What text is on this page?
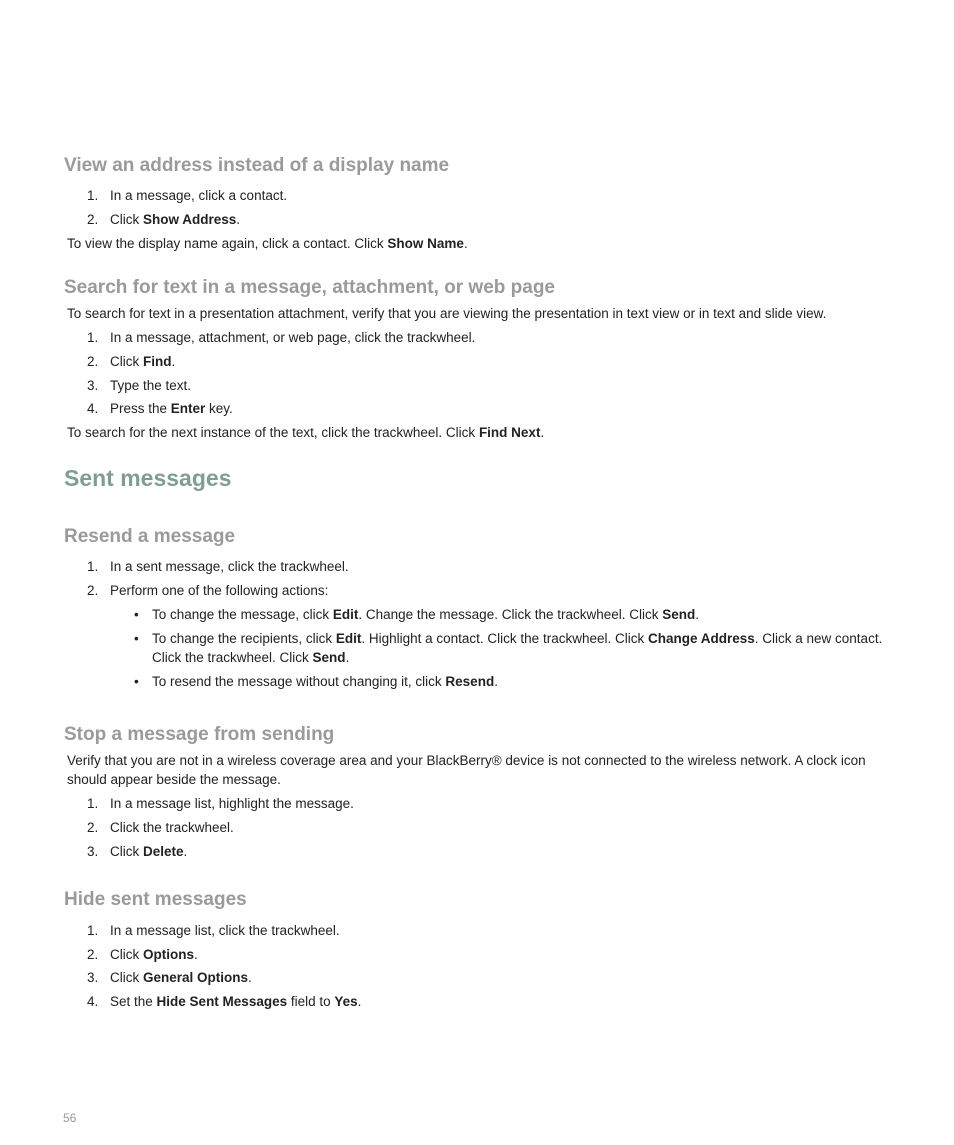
View an address instead of a display name
1. In a message, click a contact.
2. Click Show Address.

To view the display name again, click a contact. Click Show Name.

Search for text in a message, attachment, or web page

To search for text in a presentation attachment, verify that you are viewing the presentation in text view or in text and slide view.

1. In a message, attachment, or web page, click the trackwheel.
2. Click Find.
3. Type the text.
4. Press the Enter key.

To search for the next instance of the text, click the trackwheel. Click Find Next.

Sent messages
Resend a message
1. In a sent message, click the trackwheel.
2. Perform one of the following actions:
• To change the message, click Edit. Change the message. Click the trackwheel. Click Send.
• To change the recipients, click Edit. Highlight a contact. Click the trackwheel. Click Change Address. Click a new contact. Click the trackwheel. Click Send.
• To resend the message without changing it, click Resend.
Stop a message from sending

Verify that you are not in a wireless coverage area and your BlackBerry® device is not connected to the wireless network. A clock icon should appear beside the message.

1. In a message list, highlight the message.
2. Click the trackwheel.
3. Click Delete.
Hide sent messages
1. In a message list, click the trackwheel.
2. Click Options.
3. Click General Options.
4. Set the Hide Sent Messages field to Yes.
56
